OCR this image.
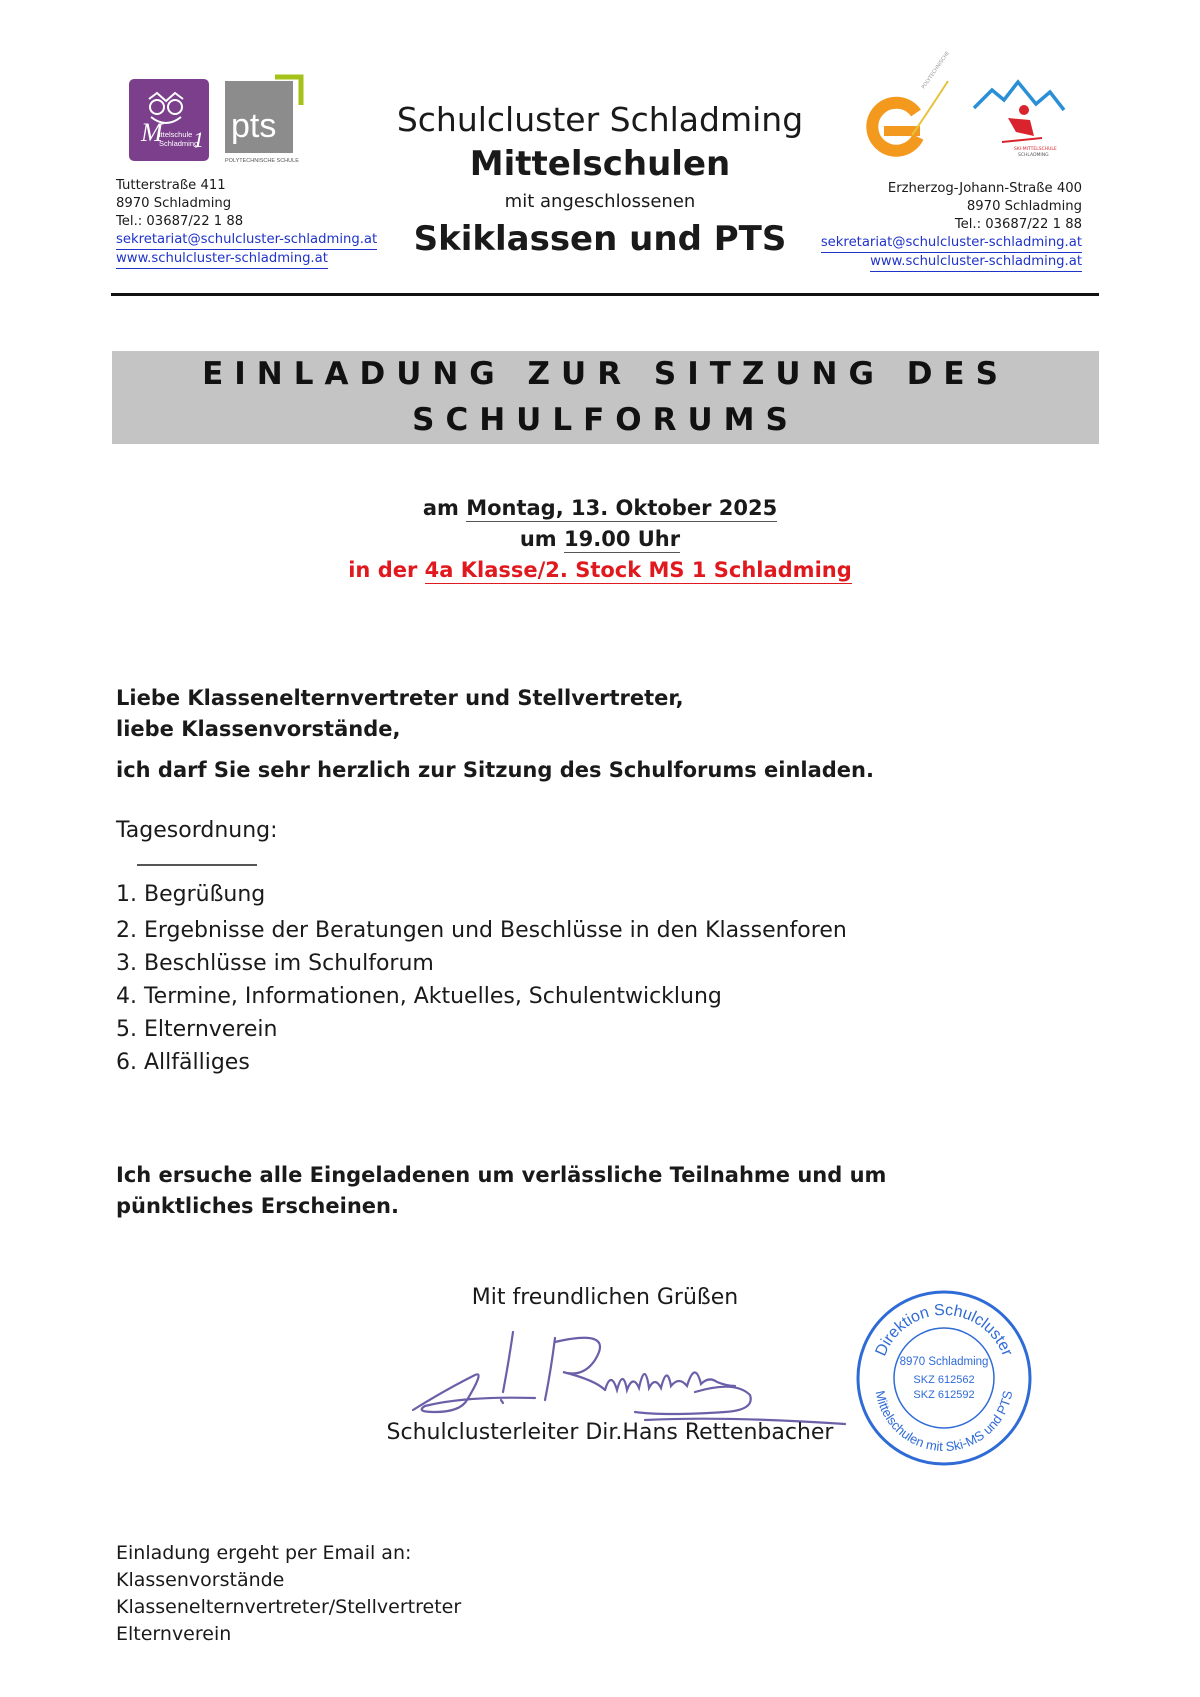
M
ittelschule
Schladming
1 pts
POLYTECHNISCHE SCHULE
Tutterstraße 411
8970 Schladming
Tel.: 03687/22 1 88
sekretariat@schulcluster-schladming.at
www.schulcluster-schladming.at
Schulcluster Schladming
Mittelschulen
mit angeschlossenen
Skiklassen und PTS
POLYTECHNISCHE
SKI-MITTELSCHULE
SCHLADMING
Erzherzog-Johann-Straße 400
8970 Schladming
Tel.: 03687/22 1 88
sekretariat@schulcluster-schladming.at
www.schulcluster-schladming.at
EINLADUNG ZUR SITZUNG DES
SCHULFORUMS
am Montag, 13. Oktober 2025
um 19.00 Uhr
in der 4a Klasse/2. Stock MS 1 Schladming
Liebe Klassenelternvertreter und Stellvertreter,
liebe Klassenvorstände,
ich darf Sie sehr herzlich zur Sitzung des Schulforums einladen.
Tagesordnung:
1. Begrüßung
2. Ergebnisse der Beratungen und Beschlüsse in den Klassenforen
3. Beschlüsse im Schulforum
4. Termine, Informationen, Aktuelles, Schulentwicklung
5. Elternverein
6. Allfälliges
Ich ersuche alle Eingeladenen um verlässliche Teilnahme und um pünktliches Erscheinen.
Mit freundlichen Grüßen
Schulclusterleiter Dir.Hans Rettenbacher
Direktion Schulcluster
Mittelschulen mit Ski-MS und PTS
8970 Schladming
SKZ 612562
SKZ 612592
Einladung ergeht per Email an:
Klassenvorstände
Klassenelternvertreter/Stellvertreter
Elternverein
